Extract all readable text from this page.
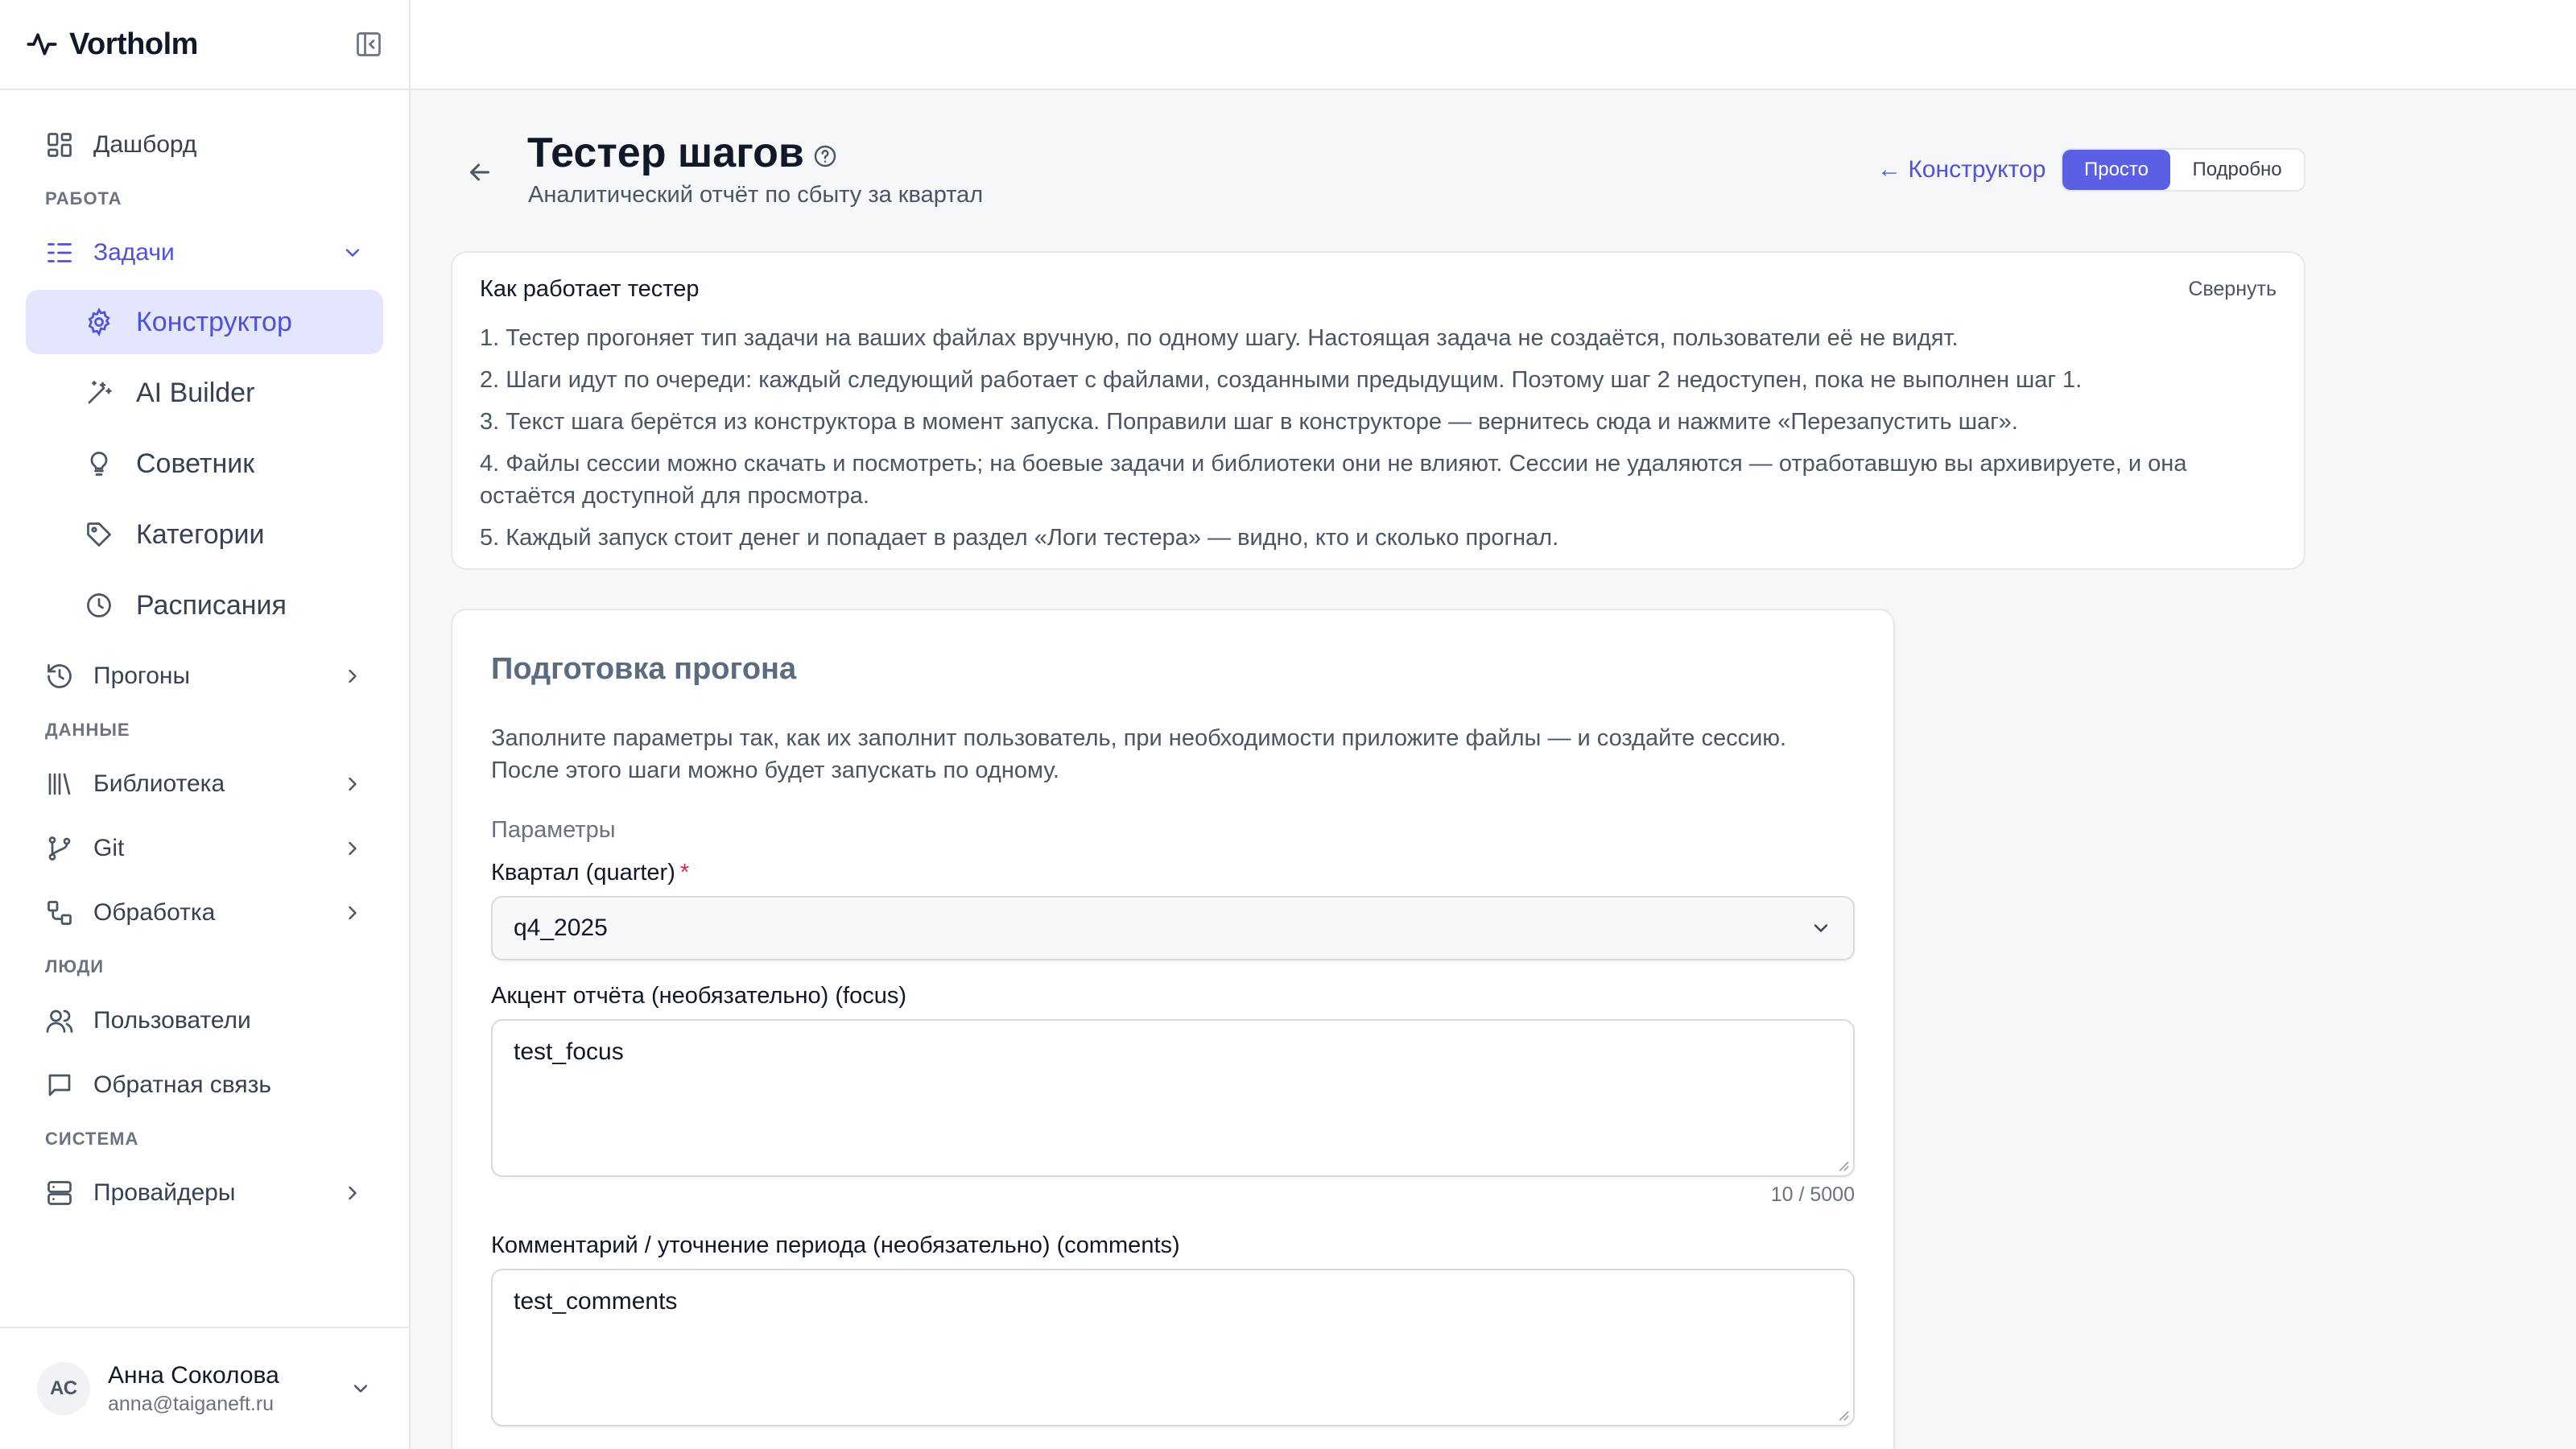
Vortholm
Дашборд
РАБОТА
Задачи
Конструктор
AI Builder
Советник
Категории
Расписания
Прогоны
ДАННЫЕ
Библиотека
Git
Обработка
ЛЮДИ
Пользователи
Обратная связь
СИСТЕМА
Провайдеры
АС	Анна Соколова
anna@taiganeft.ru
Тестер шагов
Аналитический отчёт по сбыту за квартал
← Конструктор	Просто	Подробно
Как работает тестер	Свернуть
1. Тестер прогоняет тип задачи на ваших файлах вручную, по одному шагу. Настоящая задача не создаётся, пользователи её не видят.
2. Шаги идут по очереди: каждый следующий работает с файлами, созданными предыдущим. Поэтому шаг 2 недоступен, пока не выполнен шаг 1.
3. Текст шага берётся из конструктора в момент запуска. Поправили шаг в конструкторе — вернитесь сюда и нажмите «Перезапустить шаг».
4. Файлы сессии можно скачать и посмотреть; на боевые задачи и библиотеки они не влияют. Сессии не удаляются — отработавшую вы архивируете, и она остаётся доступной для просмотра.
5. Каждый запуск стоит денег и попадает в раздел «Логи тестера» — видно, кто и сколько прогнал.
Подготовка прогона

Заполните параметры так, как их заполнит пользователь, при необходимости приложите файлы — и создайте сессию. После этого шаги можно будет запускать по одному.

Параметры
Квартал (quarter) *
q4_2025
Акцент отчёта (необязательно) (focus)
test_focus
10 / 5000
Комментарий / уточнение периода (необязательно) (comments)
test_comments
